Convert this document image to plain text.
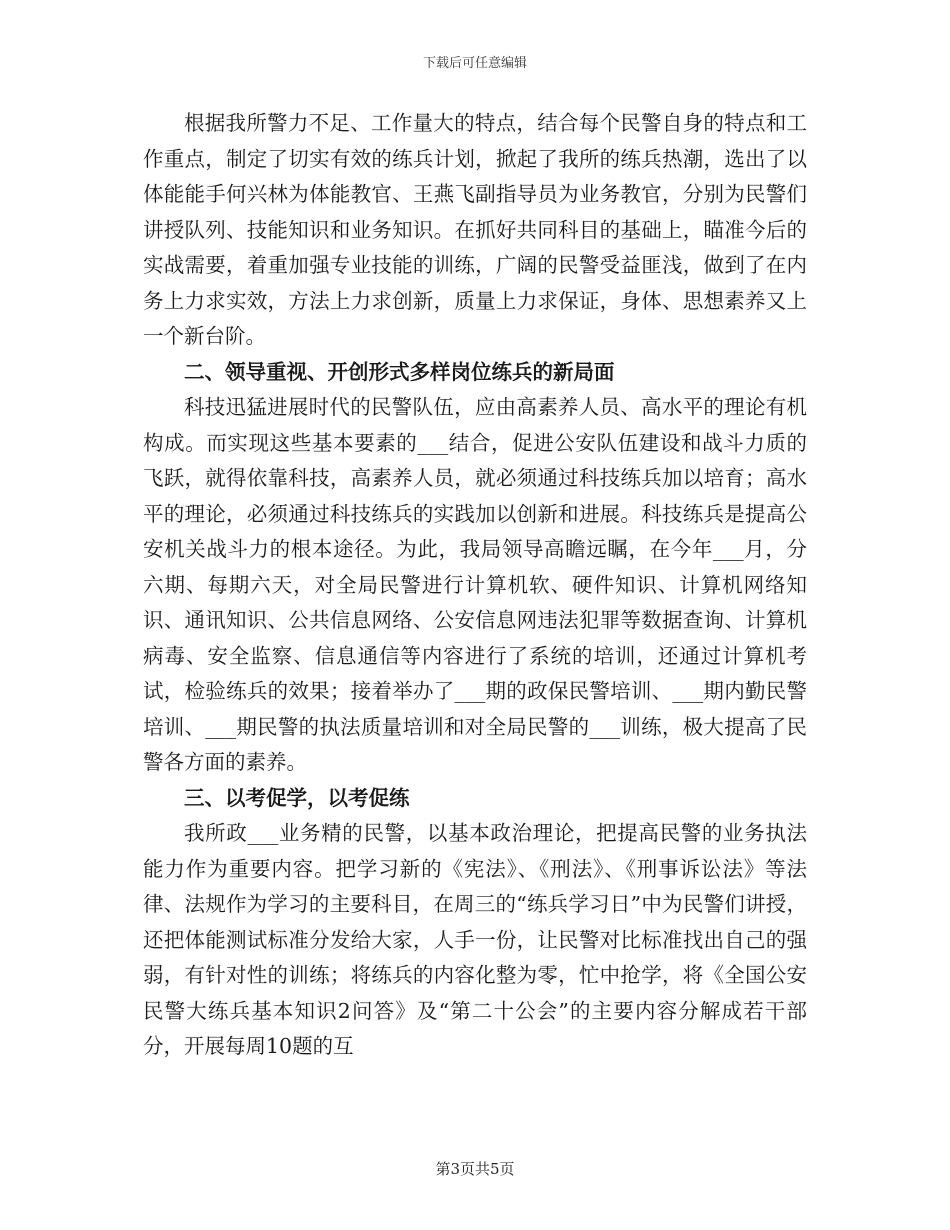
下载后可任意编辑

根据我所警力不足、工作量大的特点，结合每个民警自身的特点和工作重点，制定了切实有效的练兵计划，掀起了我所的练兵热潮，选出了以体能能手何兴林为体能教官、王燕飞副指导员为业务教官，分别为民警们讲授队列、技能知识和业务知识。在抓好共同科目的基础上，瞄准今后的实战需要，着重加强专业技能的训练，广阔的民警受益匪浅，做到了在内务上力求实效，方法上力求创新，质量上力求保证，身体、思想素养又上一个新台阶。

二、领导重视、开创形式多样岗位练兵的新局面

科技迅猛进展时代的民警队伍，应由高素养人员、高水平的理论有机构成。而实现这些基本要素的___结合，促进公安队伍建设和战斗力质的飞跃，就得依靠科技，高素养人员，就必须通过科技练兵加以培育；高水平的理论，必须通过科技练兵的实践加以创新和进展。科技练兵是提高公安机关战斗力的根本途径。为此，我局领导高瞻远瞩，在今年___月，分六期、每期六天，对全局民警进行计算机软、硬件知识、计算机网络知识、通讯知识、公共信息网络、公安信息网违法犯罪等数据查询、计算机病毒、安全监察、信息通信等内容进行了系统的培训，还通过计算机考试，检验练兵的效果；接着举办了___期的政保民警培训、___期内勤民警培训、___期民警的执法质量培训和对全局民警的___训练，极大提高了民警各方面的素养。

三、以考促学，以考促练

我所政___业务精的民警，以基本政治理论，把提高民警的业务执法能力作为重要内容。把学习新的《宪法》、《刑法》、《刑事诉讼法》等法律、法规作为学习的主要科目，在周三的“练兵学习日”中为民警们讲授，还把体能测试标准分发给大家，人手一份，让民警对比标准找出自己的强弱，有针对性的训练；将练兵的内容化整为零，忙中抢学，将《全国公安民警大练兵基本知识2问答》及“第二十公会”的主要内容分解成若干部分，开展每周10题的互

第3页共5页
